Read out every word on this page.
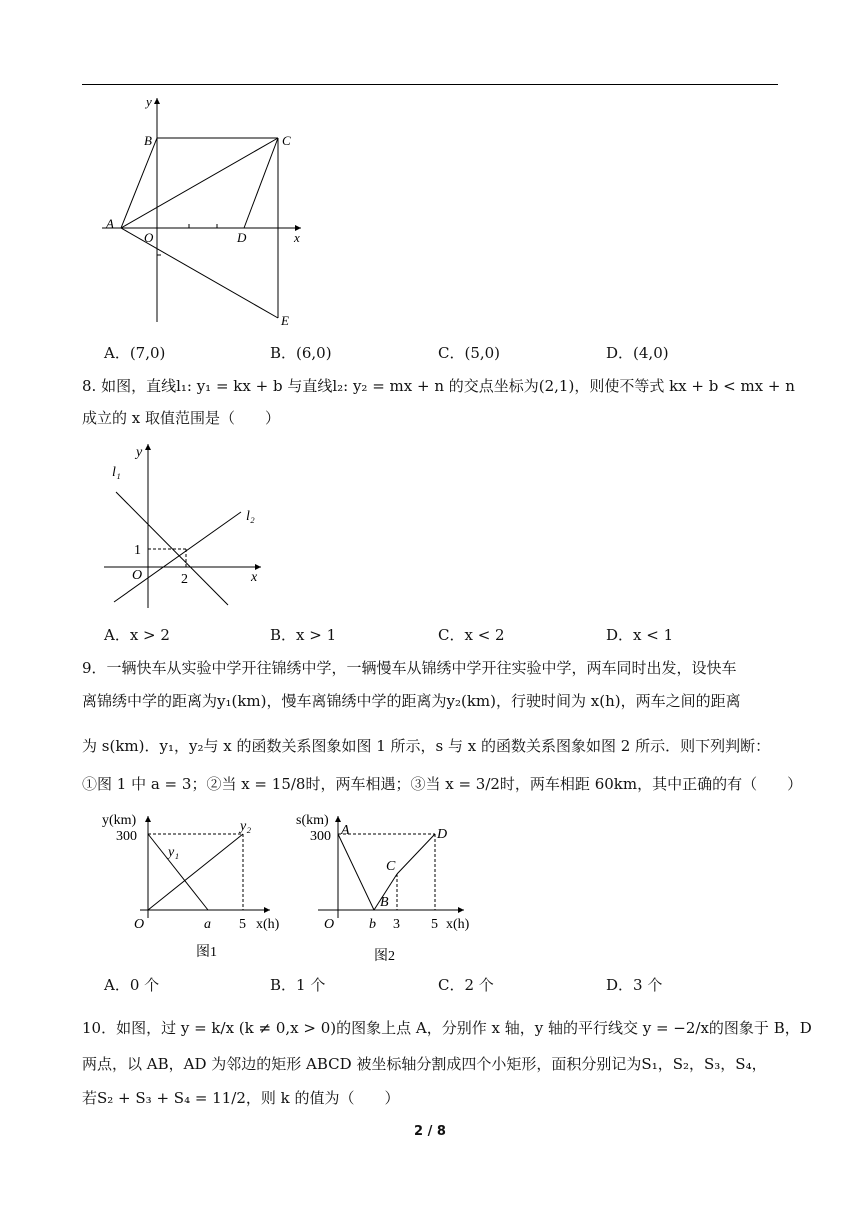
y
x
B	C
A
O	D
E
A．(7,0)	B．(6,0)	C．(5,0)	D．(4,0)
8. 如图，直线l₁: y₁ = kx + b 与直线l₂: y₂ = mx + n 的交点坐标为(2,1)，则使不等式 kx + b < mx + n
成立的 x 取值范围是（　　）
y
x
l₁
l₂
1
O	2
A．x > 2	B．x > 1	C．x < 2	D．x < 1
9．一辆快车从实验中学开往锦绣中学，一辆慢车从锦绣中学开往实验中学，两车同时出发，设快车
离锦绣中学的距离为y₁(km)，慢车离锦绣中学的距离为y₂(km)，行驶时间为 x(h)，两车之间的距离
为 s(km)．y₁，y₂与 x 的函数关系图象如图 1 所示，s 与 x 的函数关系图象如图 2 所示．则下列判断：
①图 1 中 a = 3；②当 x = 15/8时，两车相遇；③当 x = 3/2时，两车相距 60km，其中正确的有（　　）
y(km)
300
y₁
y₂
O	a 5 x(h)
图1
s(km)
300 A	D
C
B
O b 3 5 x(h)
图2
A．0 个	B．1 个	C．2 个	D．3 个
10．如图，过 y = k/x (k ≠ 0,x > 0)的图象上点 A，分别作 x 轴，y 轴的平行线交 y = −2/x的图象于 B，D
两点，以 AB，AD 为邻边的矩形 ABCD 被坐标轴分割成四个小矩形，面积分别记为S₁，S₂，S₃，S₄，
若S₂ + S₃ + S₄ = 11/2，则 k 的值为（　　）
2 / 8
